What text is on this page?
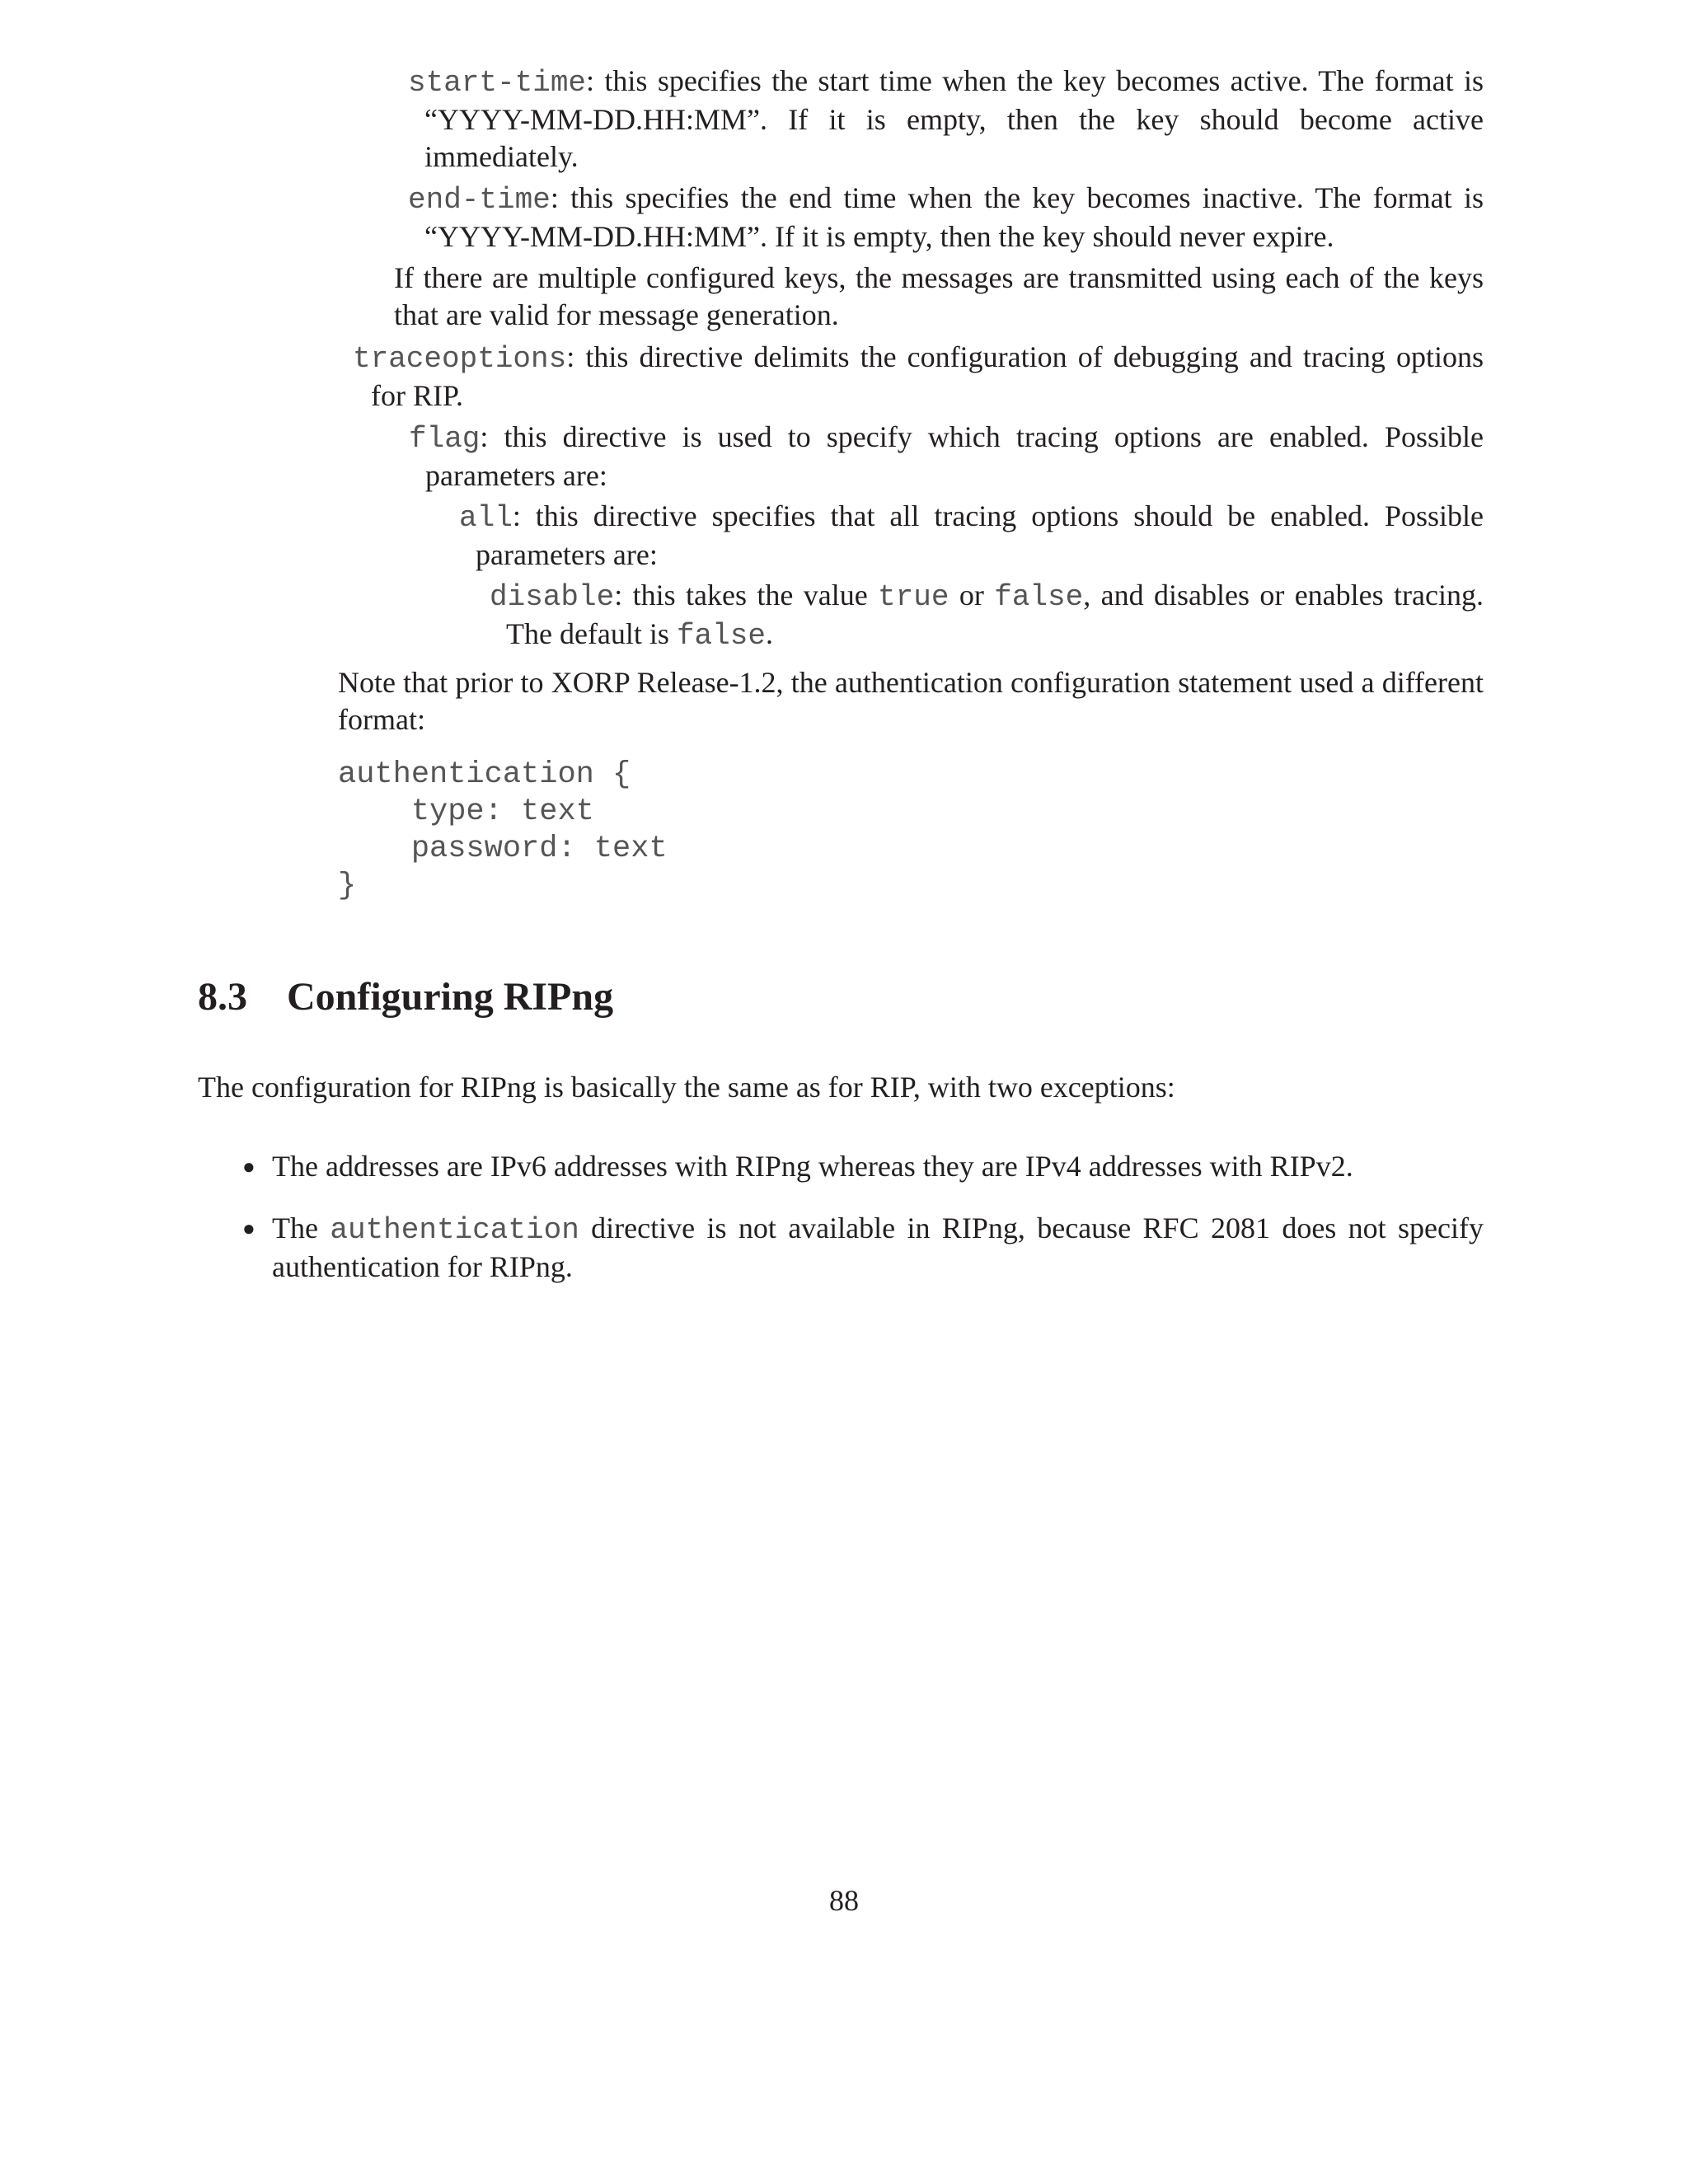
start-time: this specifies the start time when the key becomes active. The format is “YYYY-MM-DD.HH:MM”. If it is empty, then the key should become active immediately.

end-time: this specifies the end time when the key becomes inactive. The format is “YYYY-MM-DD.HH:MM”. If it is empty, then the key should never expire.

If there are multiple configured keys, the messages are transmitted using each of the keys that are valid for message generation.

traceoptions: this directive delimits the configuration of debugging and tracing options for RIP.

flag: this directive is used to specify which tracing options are enabled. Possible parameters are:

all: this directive specifies that all tracing options should be enabled. Possible parameters are:

disable: this takes the value true or false, and disables or enables tracing. The default is false.

Note that prior to XORP Release-1.2, the authentication configuration statement used a different format:

authentication {
type: text
password: text
}
8.3 Configuring RIPng

The configuration for RIPng is basically the same as for RIP, with two exceptions:

● The addresses are IPv6 addresses with RIPng whereas they are IPv4 addresses with RIPv2.
● The authentication directive is not available in RIPng, because RFC 2081 does not specify authentication for RIPng.

88
